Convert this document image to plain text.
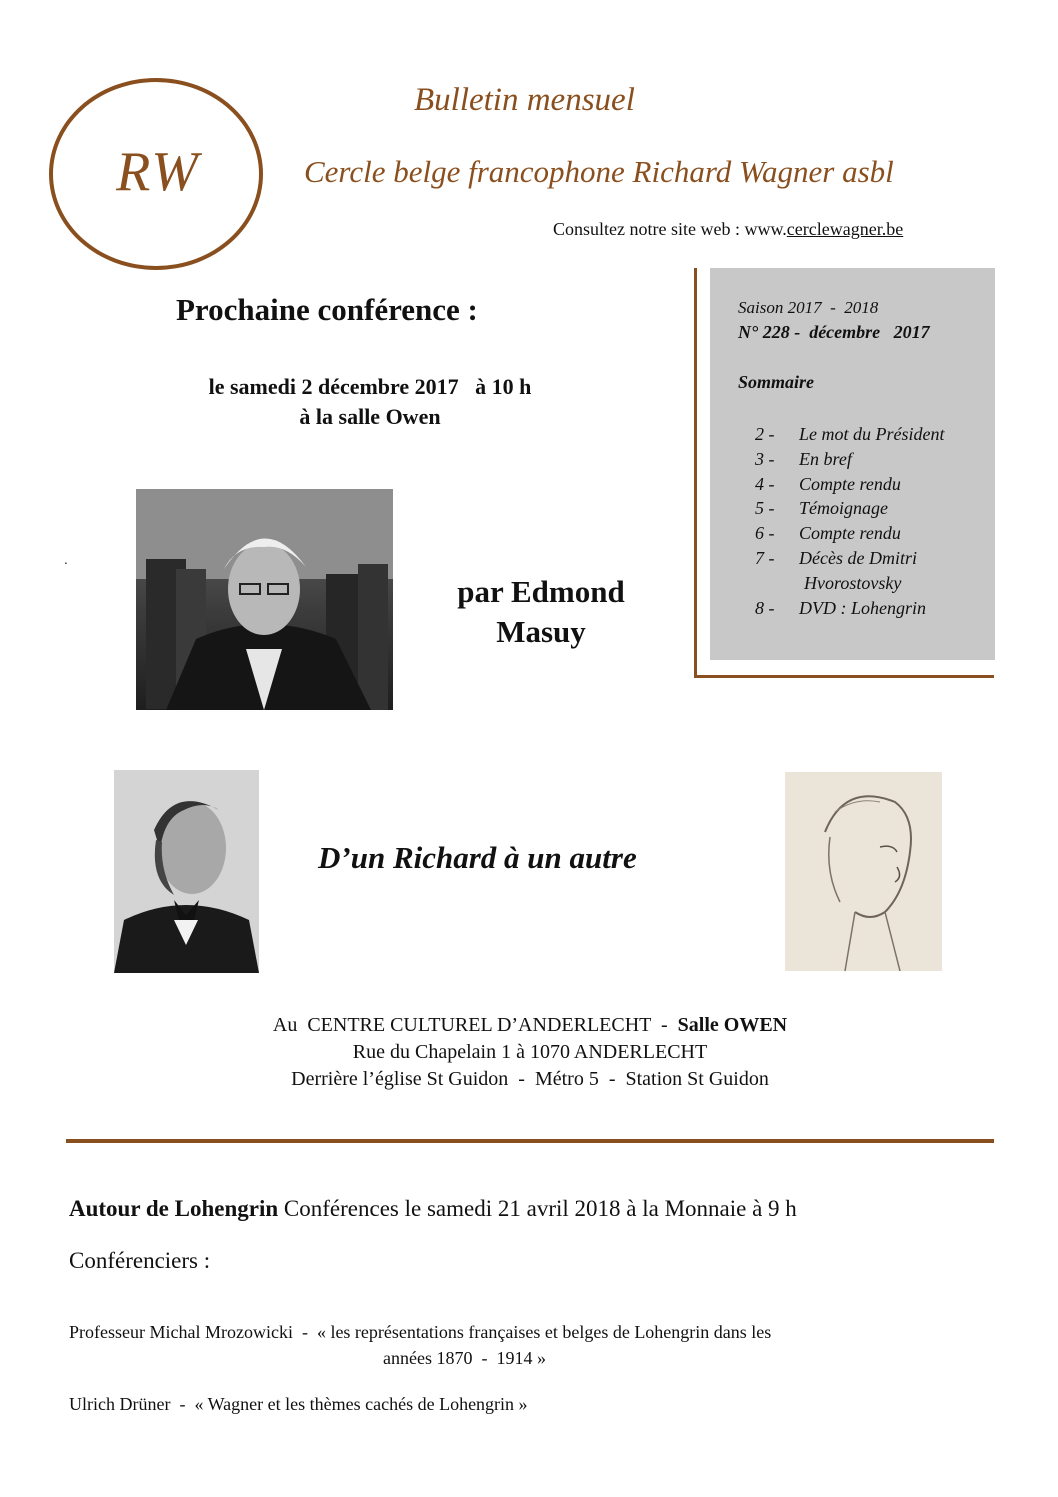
RW
Bulletin mensuel
Cercle belge francophone Richard Wagner asbl
Consultez notre site web : www.cerclewagner.be
Prochaine conférence :
le samedi 2 décembre 2017   à 10 h
à la salle Owen
.
Saison 2017  -  2018
N° 228 -  décembre   2017
Sommaire
2 -	Le mot du Président
3 -	En bref
4 -	Compte rendu
5 -	Témoignage
6 -	Compte rendu
7 -	Décès de Dmitri
Hvorostovsky
8 -	DVD : Lohengrin
par Edmond
Masuy
D’un Richard à un autre
Au  CENTRE CULTUREL D’ANDERLECHT  -  Salle OWEN
Rue du Chapelain 1 à 1070 ANDERLECHT
Derrière l’église St Guidon  -  Métro 5  -  Station St Guidon
Autour de Lohengrin Conférences le samedi 21 avril 2018 à la Monnaie à 9 h
Conférenciers :
Professeur Michal Mrozowicki  -  « les représentations françaises et belges de Lohengrin dans les
années 1870  -  1914 »
Ulrich Drüner  -  « Wagner et les thèmes cachés de Lohengrin »
